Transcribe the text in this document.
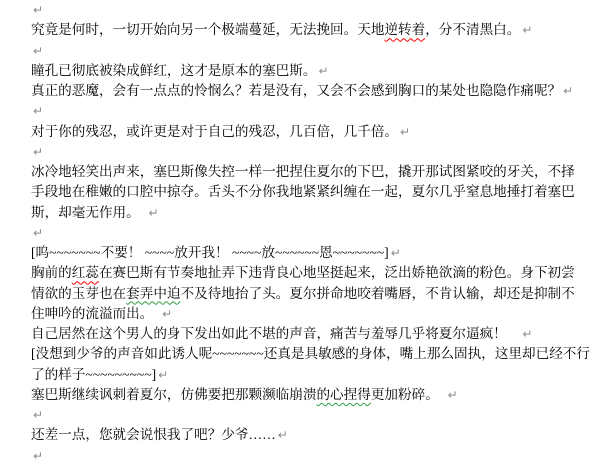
↵
究竟是何时，一切开始向另一个极端蔓延，无法挽回。天地逆转着，分不清黑白。 ↵
↵
瞳孔已彻底被染成鲜红，这才是原本的塞巴斯。 ↵
真正的恶魔，会有一点点的怜悯么？若是没有，又会不会感到胸口的某处也隐隐作痛呢？ ↵
↵
对于你的残忍，或许更是对于自己的残忍，几百倍，几千倍。 ↵
↵
冰冷地轻笑出声来，塞巴斯像失控一样一把捏住夏尔的下巴，撬开那试图紧咬的牙关，不择
手段地在稚嫩的口腔中掠夺。舌头不分你我地紧紧纠缠在一起，夏尔几乎窒息地捶打着塞巴
斯，却毫无作用。　↵
↵
[呜~~~~~~~不要！ ~~~~放开我！ ~~~~放~~~~~~恩~~~~~~~] ↵
胸前的红蕊在赛巴斯有节奏地扯弄下违背良心地坚挺起来，泛出娇艳欲滴的粉色。身下初尝
情欲的玉芽也在套弄中迫不及待地抬了头。夏尔拼命地咬着嘴唇，不肯认输，却还是抑制不
住呻吟的流溢而出。　↵
自己居然在这个男人的身下发出如此不堪的声音，痛苦与羞辱几乎将夏尔逼疯！　↵
[没想到少爷的声音如此诱人呢~~~~~~~还真是具敏感的身体，嘴上那么固执，这里却已经不行
了的样子~~~~~~~~~] ↵
塞巴斯继续讽刺着夏尔，仿佛要把那颗濒临崩溃的心捏得更加粉碎。　↵
↵
还差一点，您就会说恨我了吧？少爷…… ↵
↵
